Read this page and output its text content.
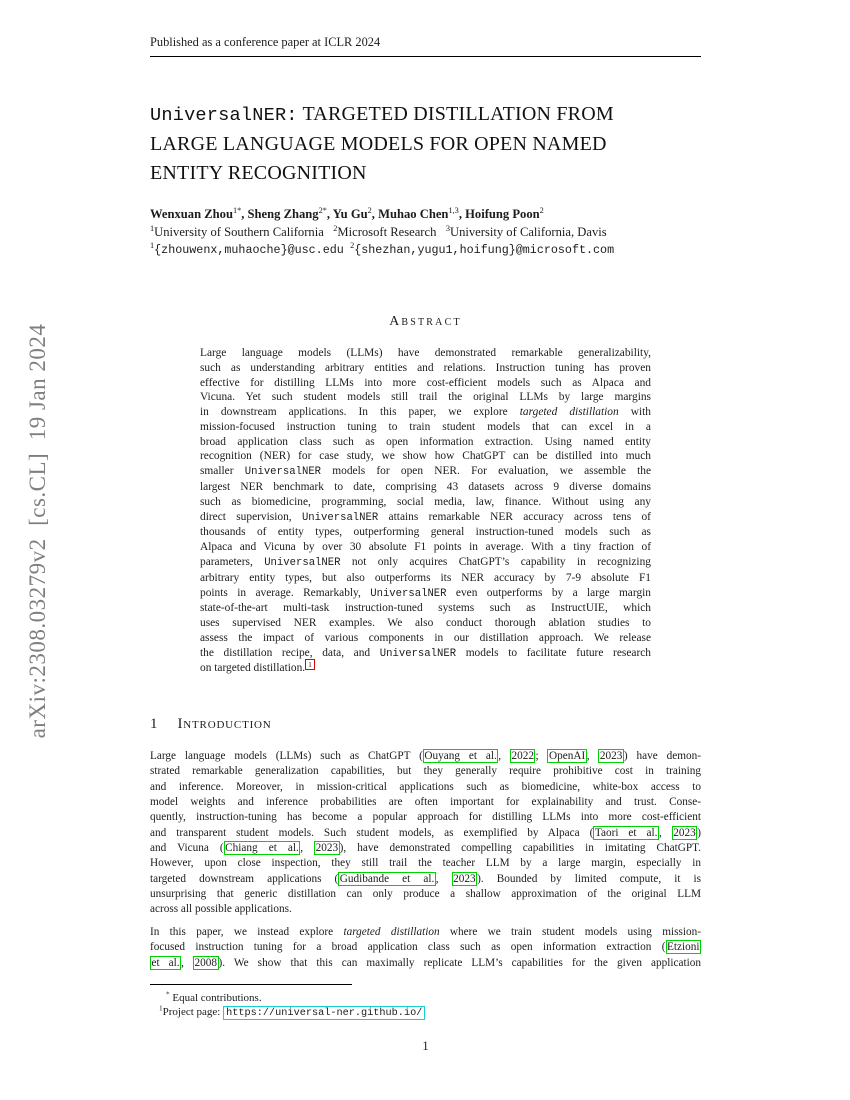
Published as a conference paper at ICLR 2024
arXiv:2308.03279v2  [cs.CL]  19 Jan 2024
UniversalNER: TARGETED DISTILLATION FROM
LARGE LANGUAGE MODELS FOR OPEN NAMED
ENTITY RECOGNITION
Wenxuan Zhou$^{1*}$, Sheng Zhang$^{2*}$, Yu Gu$^2$, Muhao Chen$^{1,3}$, Hoifung Poon$^2$
$^1$University of Southern California   $^2$Microsoft Research   $^3$University of California, Davis
$^1${zhouwenx,muhaoche}@usc.edu $^2${shezhan,yugu1,hoifung}@microsoft.com
Abstract
Large language models (LLMs) have demonstrated remarkable generalizability,
such as understanding arbitrary entities and relations. Instruction tuning has proven
effective for distilling LLMs into more cost-efficient models such as Alpaca and
Vicuna. Yet such student models still trail the original LLMs by large margins
in downstream applications. In this paper, we explore targeted distillation with
mission-focused instruction tuning to train student models that can excel in a
broad application class such as open information extraction. Using named entity
recognition (NER) for case study, we show how ChatGPT can be distilled into much
smaller UniversalNER models for open NER. For evaluation, we assemble the
largest NER benchmark to date, comprising 43 datasets across 9 diverse domains
such as biomedicine, programming, social media, law, finance. Without using any
direct supervision, UniversalNER attains remarkable NER accuracy across tens of
thousands of entity types, outperforming general instruction-tuned models such as
Alpaca and Vicuna by over 30 absolute F1 points in average. With a tiny fraction of
parameters, UniversalNER not only acquires ChatGPT’s capability in recognizing
arbitrary entity types, but also outperforms its NER accuracy by 7-9 absolute F1
points in average. Remarkably, UniversalNER even outperforms by a large margin
state-of-the-art multi-task instruction-tuned systems such as InstructUIE, which
uses supervised NER examples. We also conduct thorough ablation studies to
assess the impact of various components in our distillation approach. We release
the distillation recipe, data, and UniversalNER models to facilitate future research
on targeted distillation. $^1$
1 Introduction
Large language models (LLMs) such as ChatGPT ( Ouyang et al. , 2022 ; OpenAI , 2023 ) have demon-
strated remarkable generalization capabilities, but they generally require prohibitive cost in training
and inference. Moreover, in mission-critical applications such as biomedicine, white-box access to
model weights and inference probabilities are often important for explainability and trust. Conse-
quently, instruction-tuning has become a popular approach for distilling LLMs into more cost-efficient
and transparent student models. Such student models, as exemplified by Alpaca ( Taori et al. , 2023 )
and Vicuna ( Chiang et al. , 2023 ), have demonstrated compelling capabilities in imitating ChatGPT.
However, upon close inspection, they still trail the teacher LLM by a large margin, especially in
targeted downstream applications ( Gudibande et al. , 2023 ). Bounded by limited compute, it is
unsurprising that generic distillation can only produce a shallow approximation of the original LLM
across all possible applications.
In this paper, we instead explore targeted distillation where we train student models using mission-
focused instruction tuning for a broad application class such as open information extraction ( Etzioni
et al. , 2008 ). We show that this can maximally replicate LLM’s capabilities for the given application
* Equal contributions.
$^1$Project page: https://universal-ner.github.io/
1
